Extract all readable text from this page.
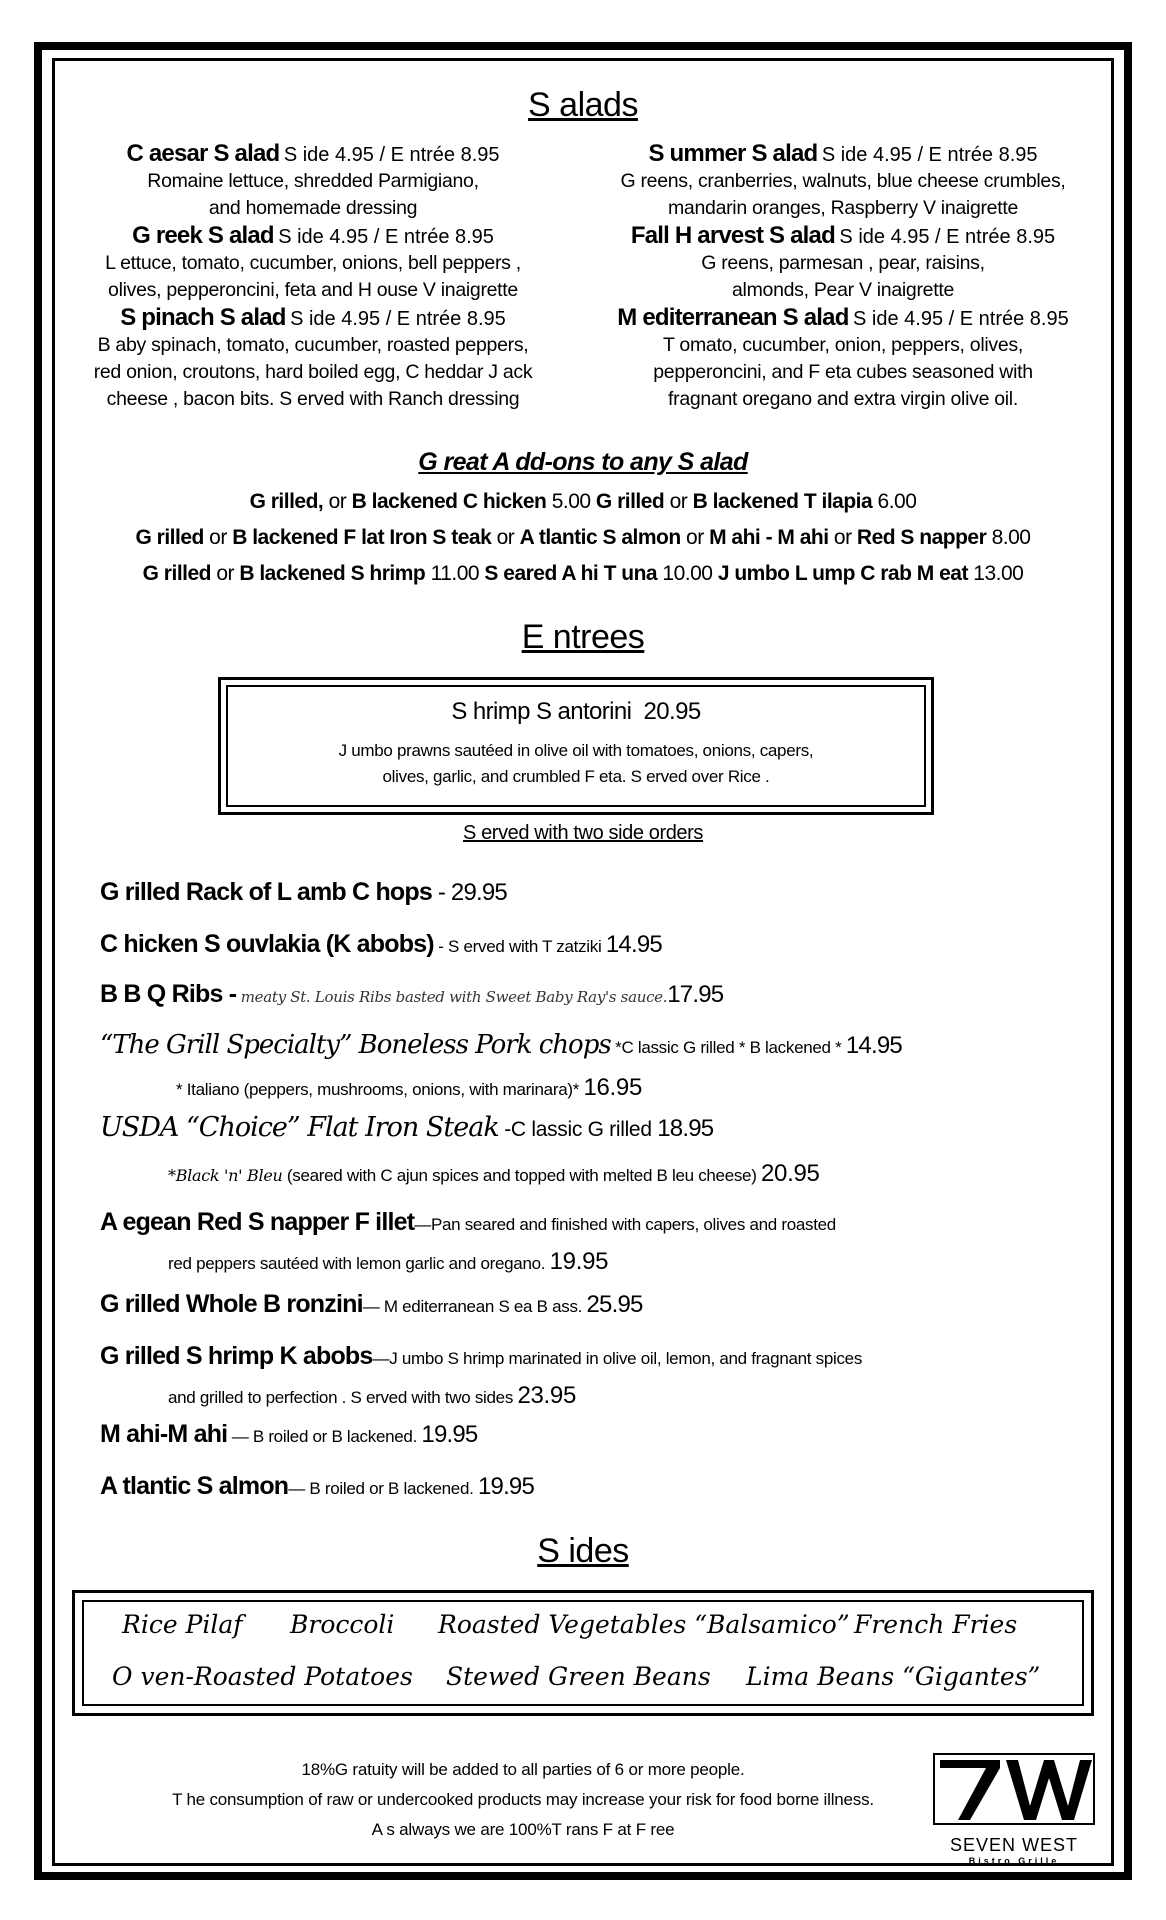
S alads
C aesar S alad S ide 4.95 / E ntrée 8.95
Romaine lettuce, shredded Parmigiano,
and homemade dressing
G reek S alad S ide 4.95 / E ntrée 8.95
L ettuce, tomato, cucumber, onions, bell peppers ,
olives, pepperoncini, feta and H ouse V inaigrette
S pinach S alad S ide 4.95 / E ntrée 8.95
B aby spinach, tomato, cucumber, roasted peppers,
red onion, croutons, hard boiled egg, C heddar J ack
cheese , bacon bits. S erved with Ranch dressing
S ummer S alad S ide 4.95 / E ntrée 8.95
G reens, cranberries, walnuts, blue cheese crumbles,
mandarin oranges, Raspberry V inaigrette
Fall H arvest S alad S ide 4.95 / E ntrée 8.95
G reens, parmesan , pear, raisins,
almonds, Pear V inaigrette
M editerranean S alad S ide 4.95 / E ntrée 8.95
T omato, cucumber, onion, peppers, olives,
pepperoncini, and F eta cubes seasoned with
fragnant oregano and extra virgin olive oil.
G reat A dd-ons to any S alad
G rilled, or B lackened C hicken 5.00 G rilled or B lackened T ilapia 6.00
G rilled or B lackened F lat Iron S teak or A tlantic S almon or M ahi - M ahi or Red S napper 8.00
G rilled or B lackened S hrimp 11.00 S eared A hi T una 10.00 J umbo L ump C rab M eat 13.00
E ntrees
S hrimp S antorini 20.95
J umbo prawns sautéed in olive oil with tomatoes, onions, capers,
olives, garlic, and crumbled F eta. S erved over Rice .
S erved with two side orders
G rilled Rack of L amb C hops - 29.95
C hicken S ouvlakia (K abobs) - S erved with T zatziki 14.95
B B Q Ribs - meaty St. Louis Ribs basted with Sweet Baby Ray's sauce.17.95
“The Grill Specialty” Boneless Pork chops *C lassic G rilled * B lackened * 14.95
* Italiano (peppers, mushrooms, onions, with marinara)* 16.95
USDA “Choice” Flat Iron Steak -C lassic G rilled 18.95
*Black 'n' Bleu (seared with C ajun spices and topped with melted B leu cheese) 20.95
A egean Red S napper F illet—Pan seared and finished with capers, olives and roasted
red peppers sautéed with lemon garlic and oregano. 19.95
G rilled Whole B ronzini— M editerranean S ea B ass. 25.95
G rilled S hrimp K abobs—J umbo S hrimp marinated in olive oil, lemon, and fragnant spices
and grilled to perfection . S erved with two sides 23.95
M ahi-M ahi — B roiled or B lackened. 19.95
A tlantic S almon— B roiled or B lackened. 19.95
S ides
Rice Pilaf Broccoli Roasted Vegetables “Balsamico” French Fries
O ven-Roasted Potatoes Stewed Green Beans Lima Beans “Gigantes”
18%G ratuity will be added to all parties of 6 or more people.
T he consumption of raw or undercooked products may increase your risk for food borne illness.
A s always we are 100%T rans F at F ree
SEVEN WEST
Bistro Grille
